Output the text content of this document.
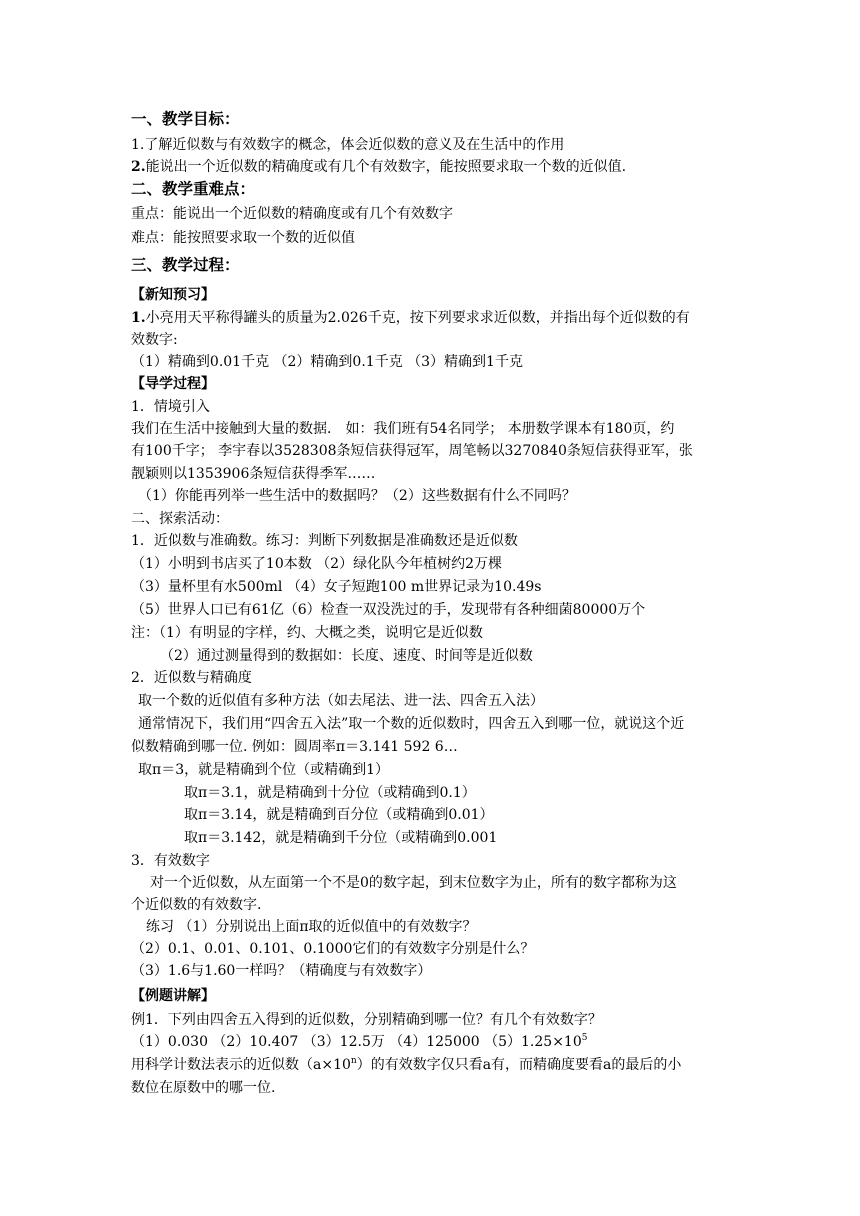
一、教学目标：
1.了解近似数与有效数字的概念，体会近似数的意义及在生活中的作用
2.能说出一个近似数的精确度或有几个有效数字，能按照要求取一个数的近似值.
二、教学重难点：
重点：能说出一个近似数的精确度或有几个有效数字
难点：能按照要求取一个数的近似值
三、教学过程：
【新知预习】
1.小亮用天平称得罐头的质量为2.026千克，按下列要求求近似数，并指出每个近似数的有
效数字:
（1）精确到0.01千克 （2）精确到0.1千克 （3）精确到1千克
【导学过程】
1．情境引入
我们在生活中接触到大量的数据． 如：我们班有54名同学； 本册数学课本有180页，约
有100千字； 李宇春以3528308条短信获得冠军，周笔畅以3270840条短信获得亚军，张
靓颖则以1353906条短信获得季军……
（1）你能再列举一些生活中的数据吗？（2）这些数据有什么不同吗？
二、探索活动：
1．近似数与准确数。练习：判断下列数据是准确数还是近似数
（1）小明到书店买了10本数 （2）绿化队今年植树约2万棵
（3）量杯里有水500ml （4）女子短跑100 m世界记录为10.49s
（5）世界人口已有61亿（6）检查一双没洗过的手，发现带有各种细菌80000万个
注：（1）有明显的字样，约、大概之类，说明它是近似数
（2）通过测量得到的数据如：长度、速度、时间等是近似数
2．近似数与精确度
取一个数的近似值有多种方法（如去尾法、进一法、四舍五入法）
通常情况下，我们用“四舍五入法”取一个数的近似数时，四舍五入到哪一位，就说这个近
似数精确到哪一位. 例如：圆周率π＝3.141 592 6…
取π＝3，就是精确到个位（或精确到1）
取π＝3.1，就是精确到十分位（或精确到0.1）
取π＝3.14，就是精确到百分位（或精确到0.01）
取π＝3.142，就是精确到千分位（或精确到0.001
3．有效数字
对一个近似数，从左面第一个不是0的数字起，到末位数字为止，所有的数字都称为这
个近似数的有效数字.
练习 （1）分别说出上面π取的近似值中的有效数字？
（2）0.1、0.01、0.101、0.1000它们的有效数字分别是什么？
（3）1.6与1.60一样吗？（精确度与有效数字）
【例题讲解】
例1．下列由四舍五入得到的近似数，分别精确到哪一位？有几个有效数字？
（1）0.030 （2）10.407 （3）12.5万 （4）125000 $(5)1.25\times 10^5$
用科学计数法表示的近似数$(a\times 10^n)$的有效数字仅只看a有，而精确度要看a的最后的小
数位在原数中的哪一位.
